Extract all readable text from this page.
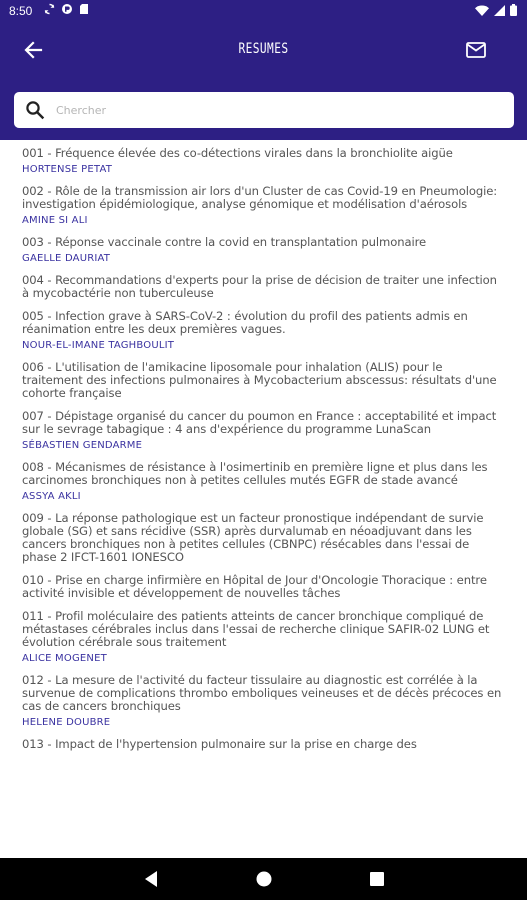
8:50
RESUMES
Chercher
001 - Fréquence élevée des co-détections virales dans la bronchiolite aigüe
HORTENSE PETAT
002 - Rôle de la transmission air lors d'un Cluster de cas Covid-19 en Pneumologie: investigation épidémiologique, analyse génomique et modélisation d'aérosols
AMINE SI ALI
003 - Réponse vaccinale contre la covid en transplantation pulmonaire
GAELLE DAURIAT
004 - Recommandations d'experts pour la prise de décision de traiter une infection à mycobactérie non tuberculeuse
005 - Infection grave à SARS-CoV-2 : évolution du profil des patients admis en réanimation entre les deux premières vagues.
NOUR-EL-IMANE TAGHBOULIT
006 - L'utilisation de l'amikacine liposomale pour inhalation (ALIS) pour le traitement des infections pulmonaires à Mycobacterium abscessus: résultats d'une cohorte française
007 - Dépistage organisé du cancer du poumon en France : acceptabilité et impact sur le sevrage tabagique : 4 ans d'expérience du programme LunaScan
SÉBASTIEN GENDARME
008 - Mécanismes de résistance à l'osimertinib en première ligne et plus dans les carcinomes bronchiques non à petites cellules mutés EGFR de stade avancé
ASSYA AKLI
009 - La réponse pathologique est un facteur pronostique indépendant de survie globale (SG) et sans récidive (SSR) après durvalumab en néoadjuvant dans les cancers bronchiques non à petites cellules (CBNPC) résécables dans l'essai de phase 2 IFCT-1601 IONESCO
010 - Prise en charge infirmière en Hôpital de Jour d'Oncologie Thoracique : entre activité invisible et développement de nouvelles tâches
011 - Profil moléculaire des patients atteints de cancer bronchique compliqué de métastases cérébrales inclus dans l'essai de recherche clinique SAFIR-02 LUNG et évolution cérébrale sous traitement
ALICE MOGENET
012 - La mesure de l'activité du facteur tissulaire au diagnostic est corrélée à la survenue de complications thrombo emboliques veineuses et de décès précoces en cas de cancers bronchiques
HELENE DOUBRE
013 - Impact de l'hypertension pulmonaire sur la prise en charge des
